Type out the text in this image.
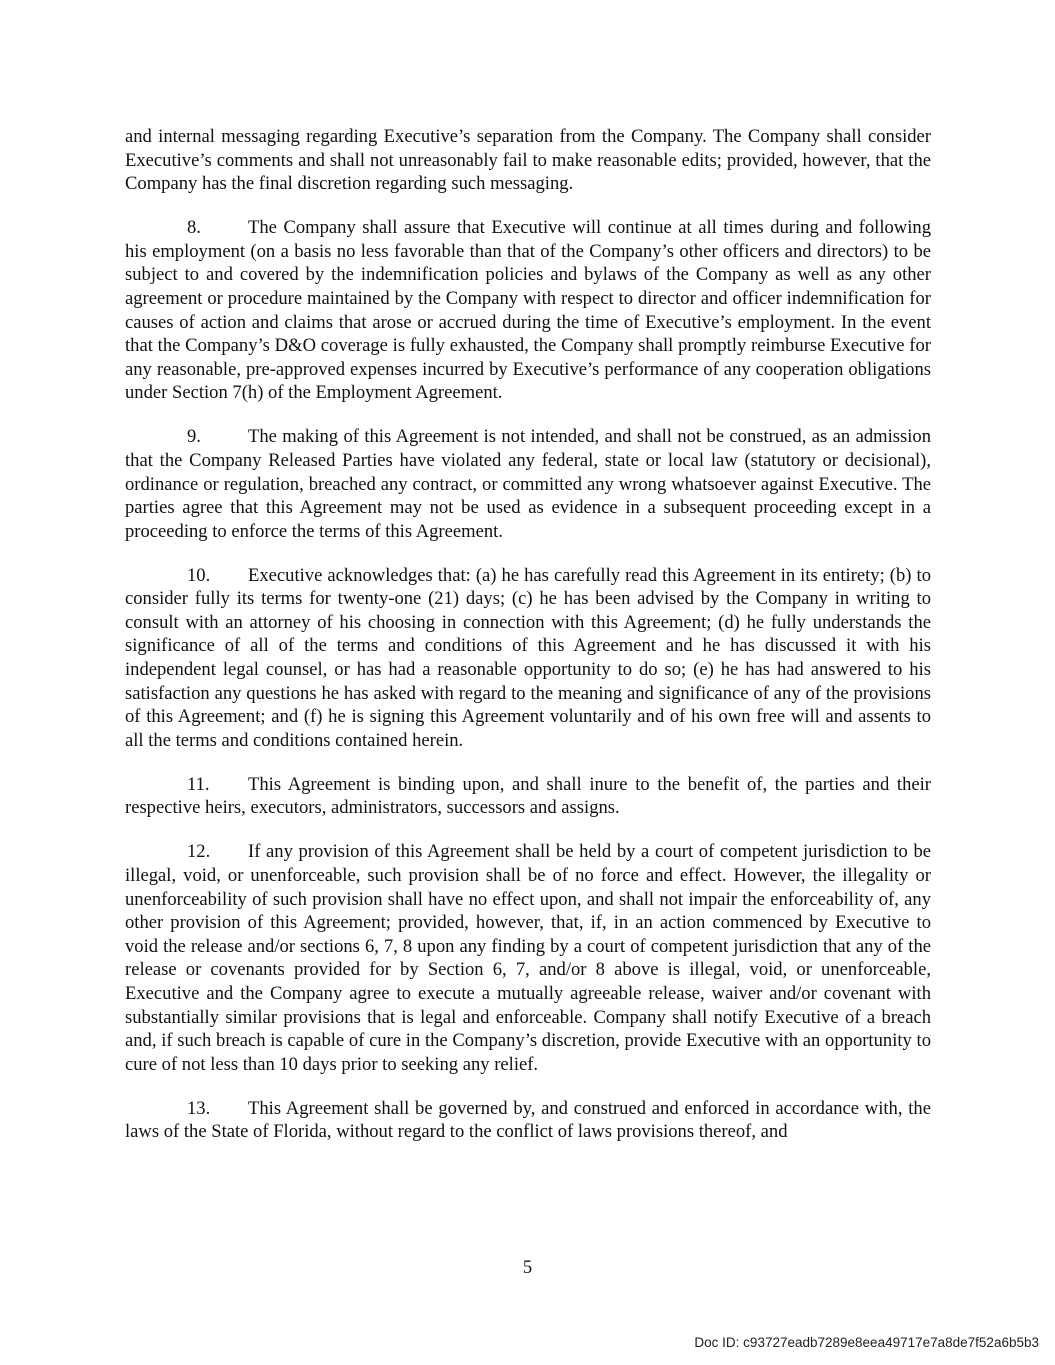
and internal messaging regarding Executive’s separation from the Company. The Company shall consider Executive’s comments and shall not unreasonably fail to make reasonable edits; provided, however, that the Company has the final discretion regarding such messaging.

8.	The Company shall assure that Executive will continue at all times during and following his employment (on a basis no less favorable than that of the Company’s other officers and directors) to be subject to and covered by the indemnification policies and bylaws of the Company as well as any other agreement or procedure maintained by the Company with respect to director and officer indemnification for causes of action and claims that arose or accrued during the time of Executive’s employment. In the event that the Company’s D&O coverage is fully exhausted, the Company shall promptly reimburse Executive for any reasonable, pre-approved expenses incurred by Executive’s performance of any cooperation obligations under Section 7(h) of the Employment Agreement.

9.	The making of this Agreement is not intended, and shall not be construed, as an admission that the Company Released Parties have violated any federal, state or local law (statutory or decisional), ordinance or regulation, breached any contract, or committed any wrong whatsoever against Executive. The parties agree that this Agreement may not be used as evidence in a subsequent proceeding except in a proceeding to enforce the terms of this Agreement.

10. Executive acknowledges that: (a) he has carefully read this Agreement in its entirety; (b) to consider fully its terms for twenty-one (21) days; (c) he has been advised by the Company in writing to consult with an attorney of his choosing in connection with this Agreement; (d) he fully understands the significance of all of the terms and conditions of this Agreement and he has discussed it with his independent legal counsel, or has had a reasonable opportunity to do so; (e) he has had answered to his satisfaction any questions he has asked with regard to the meaning and significance of any of the provisions of this Agreement; and (f) he is signing this Agreement voluntarily and of his own free will and assents to all the terms and conditions contained herein.

11. This Agreement is binding upon, and shall inure to the benefit of, the parties and their respective heirs, executors, administrators, successors and assigns.

12. If any provision of this Agreement shall be held by a court of competent jurisdiction to be illegal, void, or unenforceable, such provision shall be of no force and effect. However, the illegality or unenforceability of such provision shall have no effect upon, and shall not impair the enforceability of, any other provision of this Agreement; provided, however, that, if, in an action commenced by Executive to void the release and/or sections 6, 7, 8 upon any finding by a court of competent jurisdiction that any of the release or covenants provided for by Section 6, 7, and/or 8 above is illegal, void, or unenforceable, Executive and the Company agree to execute a mutually agreeable release, waiver and/or covenant with substantially similar provisions that is legal and enforceable. Company shall notify Executive of a breach and, if such breach is capable of cure in the Company’s discretion, provide Executive with an opportunity to cure of not less than 10 days prior to seeking any relief.

13. This Agreement shall be governed by, and construed and enforced in accordance with, the laws of the State of Florida, without regard to the conflict of laws provisions thereof, and

5
Doc ID: c93727eadb7289e8eea49717e7a8de7f52a6b5b3
